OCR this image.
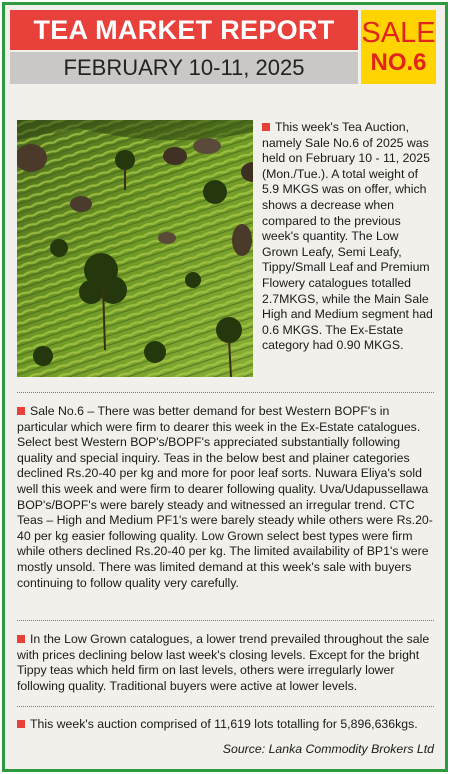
TEA MARKET REPORT
FEBRUARY 10-11, 2025
SALE
NO.6

This week's Tea Auction, namely Sale No.6 of 2025 was held on February 10 - 11, 2025 (Mon./Tue.). A total weight of 5.9 MKGS was on offer, which shows a decrease when compared to the previous week's quantity. The Low Grown Leafy, Semi Leafy, Tippy/Small Leaf and Premium Flowery catalogues totalled 2.7MKGS, while the Main Sale High and Medium segment had 0.6 MKGS. The Ex-Estate category had 0.90 MKGS.

Sale No.6 – There was better demand for best Western BOPF's in particular which were firm to dearer this week in the Ex-Estate catalogues. Select best Western BOP's/BOPF's appreciated substantially following quality and special inquiry. Teas in the below best and plainer categories declined Rs.20-40 per kg and more for poor leaf sorts. Nuwara Eliya's sold well this week and were firm to dearer following quality. Uva/Udapussellawa BOP's/BOPF's were barely steady and witnessed an irregular trend. CTC Teas – High and Medium PF1's were barely steady while others were Rs.20-40 per kg easier following quality. Low Grown select best types were firm while others declined Rs.20-40 per kg. The limited availability of BP1's were mostly unsold. There was limited demand at this week's sale with buyers continuing to follow quality very carefully.

In the Low Grown catalogues, a lower trend prevailed throughout the sale with prices declining below last week's closing levels. Except for the bright Tippy teas which held firm on last levels, others were irregularly lower following quality. Traditional buyers were active at lower levels.

This week's auction comprised of 11,619 lots totalling for 5,896,636kgs.

Source: Lanka Commodity Brokers Ltd
